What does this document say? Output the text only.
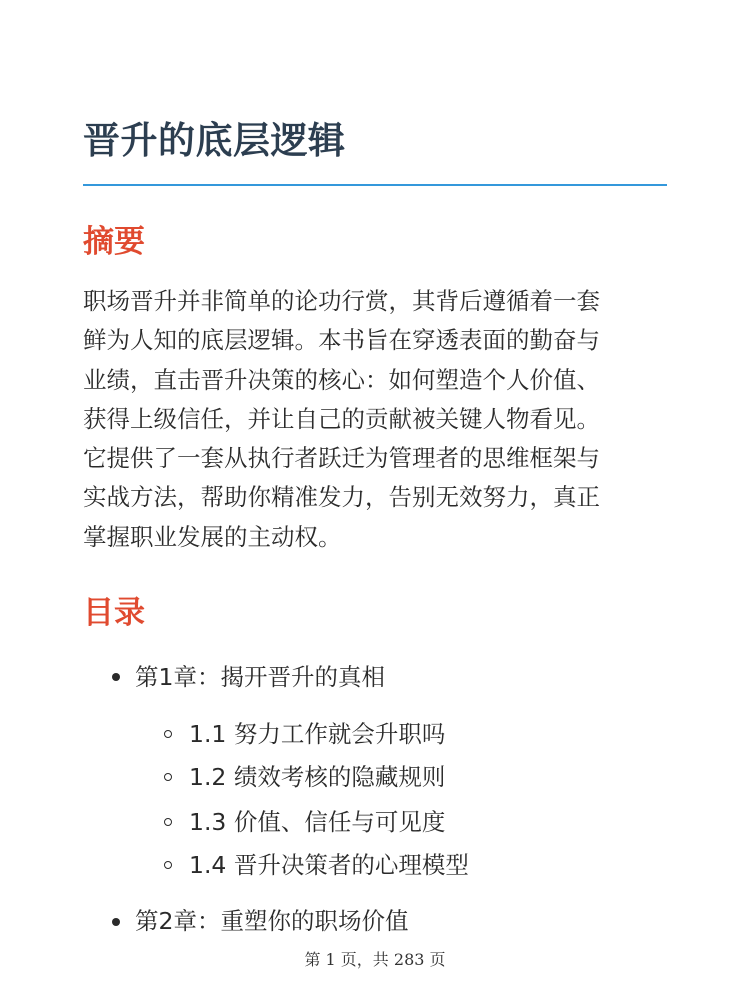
晋升的底层逻辑
摘要

职场晋升并非简单的论功行赏，其背后遵循着一套
鲜为人知的底层逻辑。本书旨在穿透表面的勤奋与
业绩，直击晋升决策的核心：如何塑造个人价值、
获得上级信任，并让自己的贡献被关键人物看见。
它提供了一套从执行者跃迁为管理者的思维框架与
实战方法，帮助你精准发力，告别无效努力，真正
掌握职业发展的主动权。

目录
第1章：揭开晋升的真相
1.1 努力工作就会升职吗
1.2 绩效考核的隐藏规则
1.3 价值、信任与可见度
1.4 晋升决策者的心理模型
第2章：重塑你的职场价值
第 1 页，共 283 页
